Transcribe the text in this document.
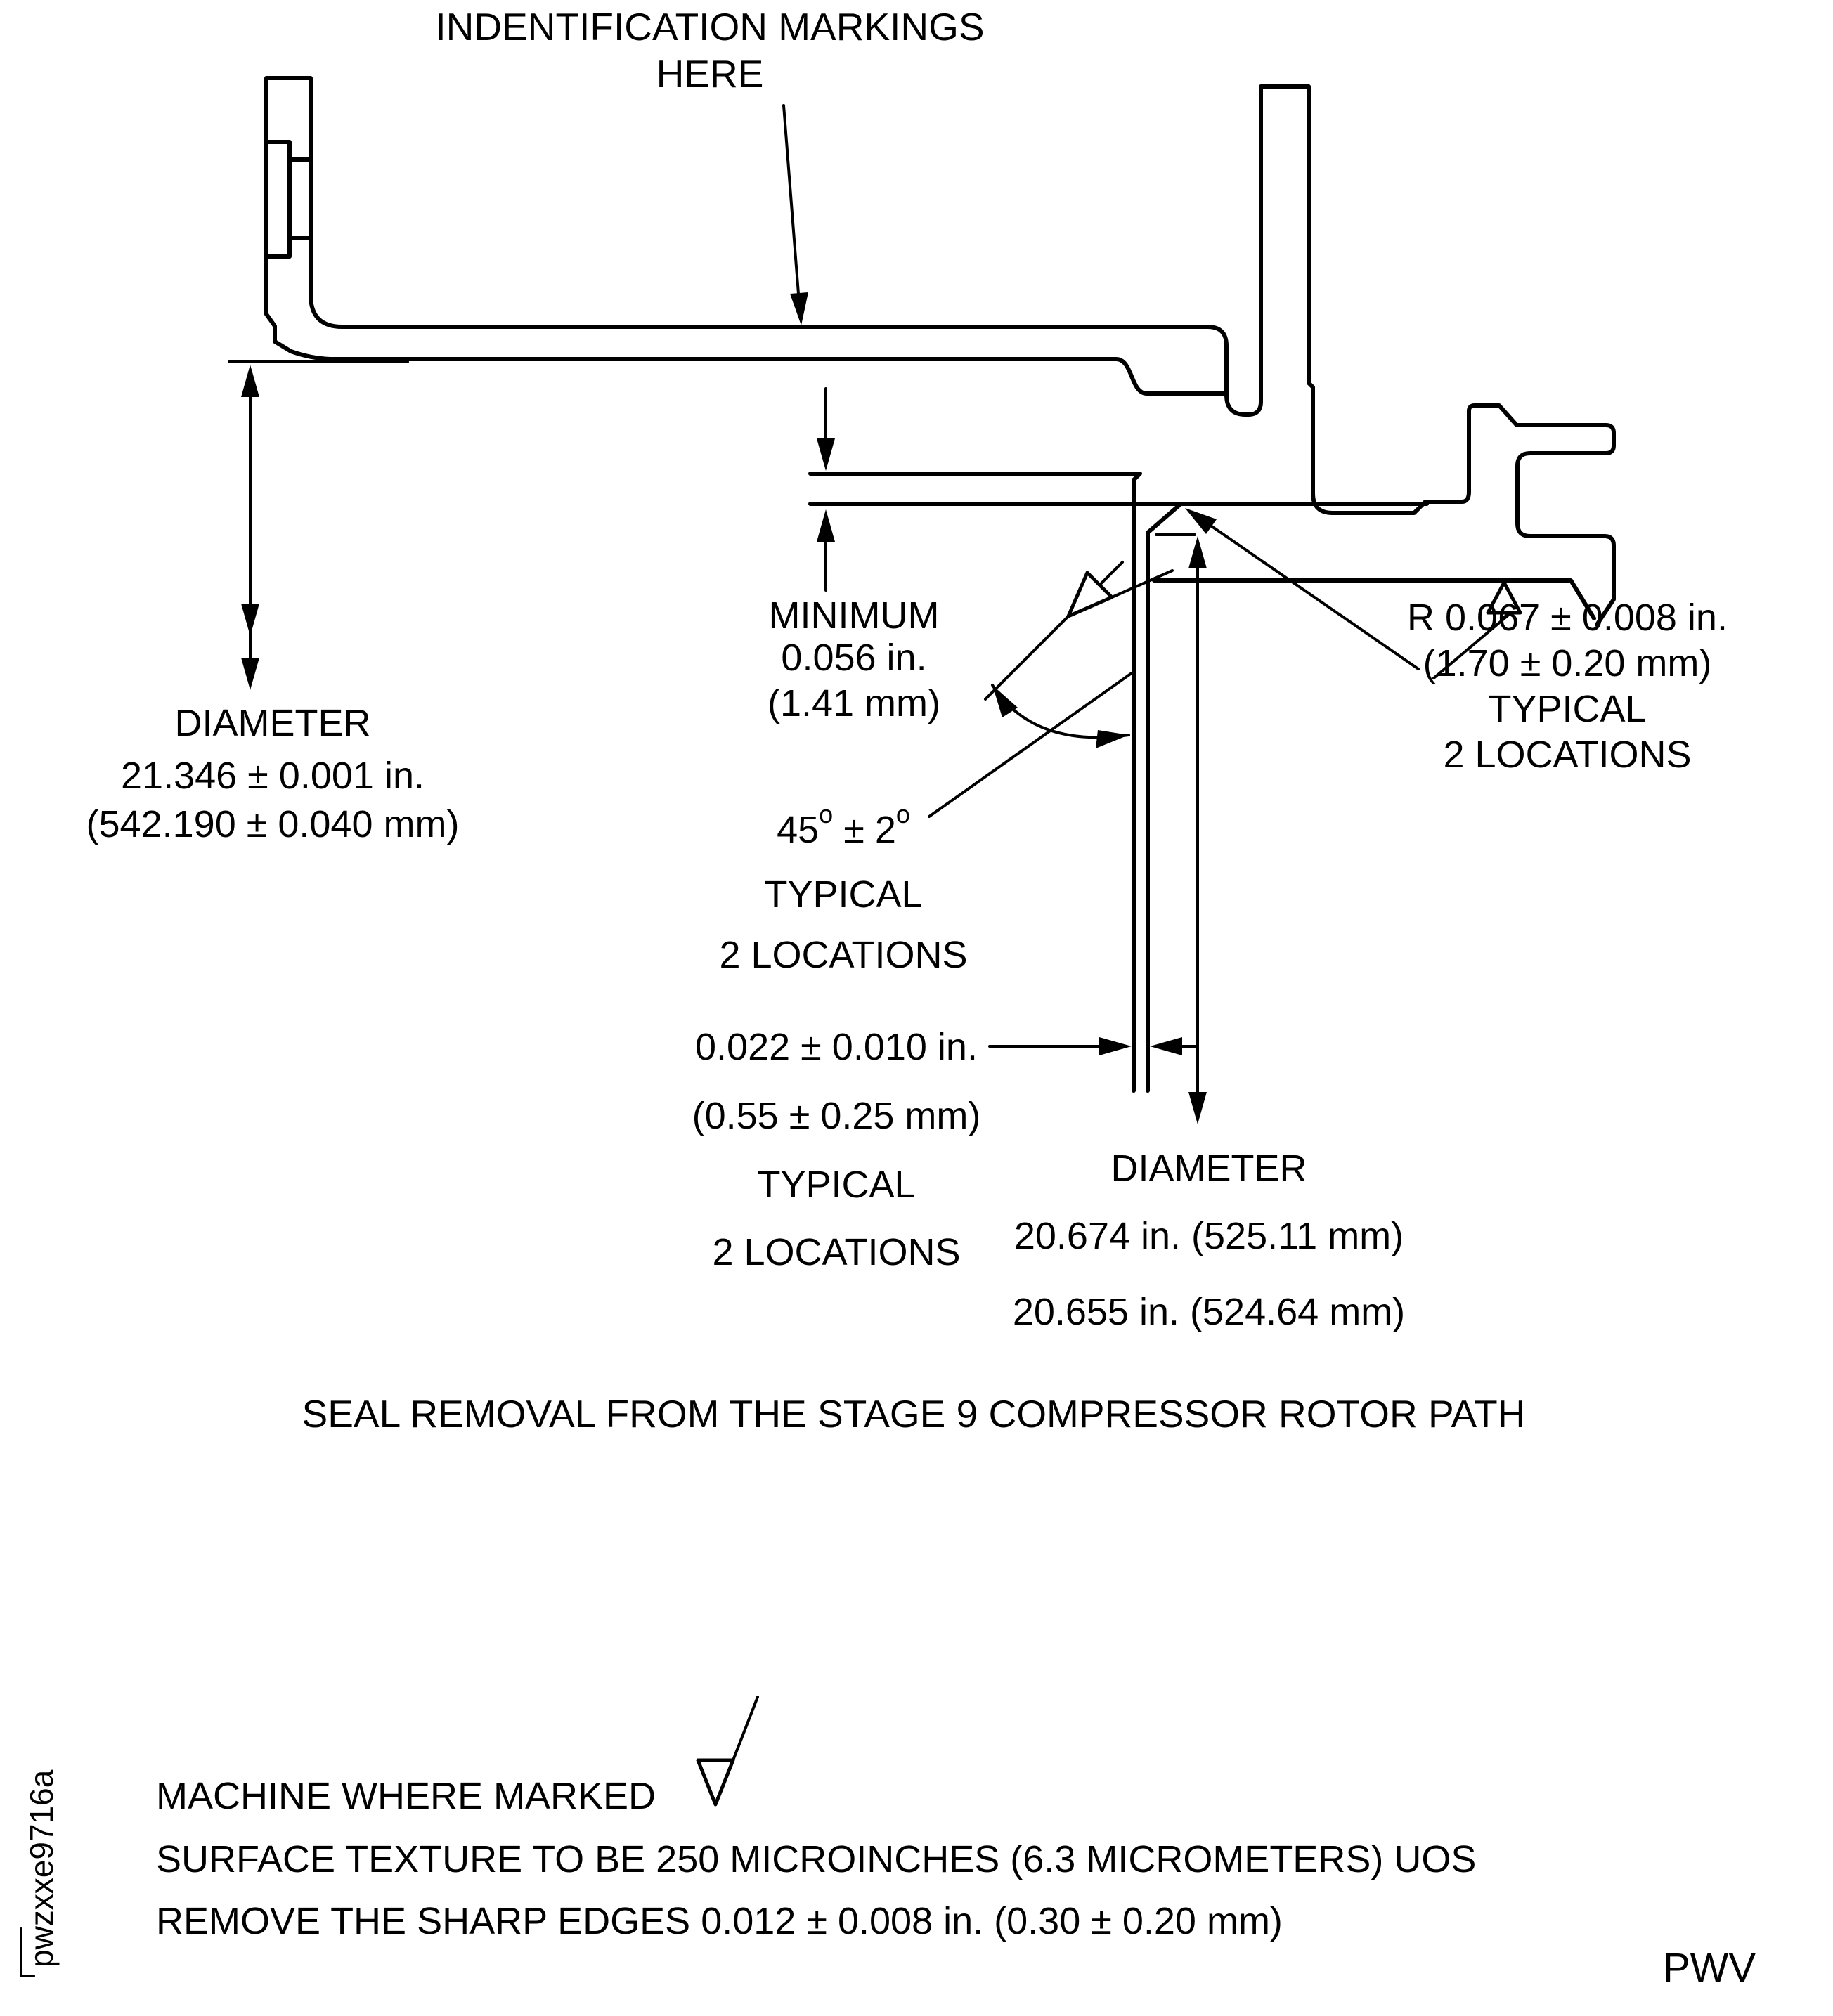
INDENTIFICATION MARKINGS
HERE
DIAMETER
21.346 ± 0.001 in.
(542.190 ± 0.040 mm)
MINIMUM
0.056 in.
(1.41 mm)
R 0.067 ± 0.008 in.
(1.70 ± 0.20 mm)
TYPICAL
2 LOCATIONS
$45^o \pm 2^o$
TYPICAL
2 LOCATIONS
0.022 ± 0.010 in.
(0.55 ± 0.25 mm)
TYPICAL
2 LOCATIONS
DIAMETER
20.674 in. (525.11 mm)
20.655 in. (524.64 mm)
SEAL REMOVAL FROM THE STAGE 9 COMPRESSOR ROTOR PATH
MACHINE WHERE MARKED
SURFACE TEXTURE TO BE 250 MICROINCHES (6.3 MICROMETERS) UOS
REMOVE THE SHARP EDGES 0.012 ± 0.008 in. (0.30 ± 0.20 mm)
pwzxxe9716a
PWV
